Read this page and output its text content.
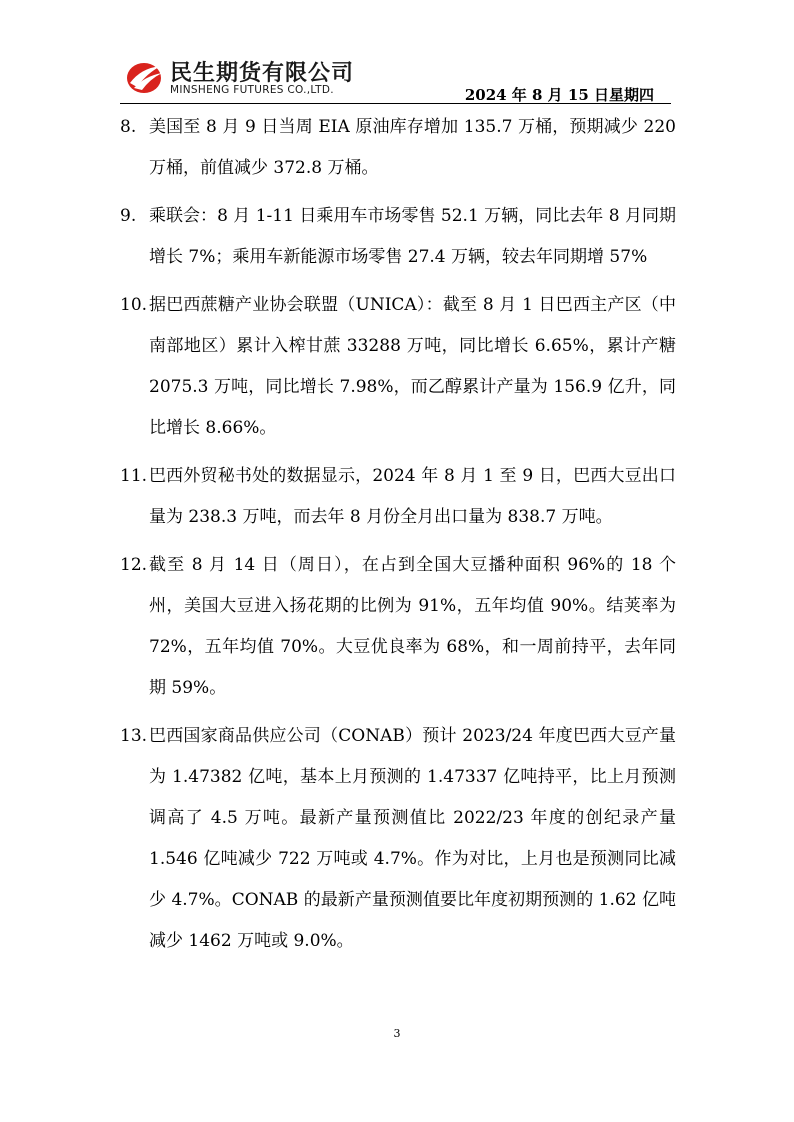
民生期货有限公司
MINSHENG FUTURES CO.,LTD.	2024 年 8 月 15 日星期四
8. 美国至 8 月 9 日当周 EIA 原油库存增加 135.7 万桶，预期减少 220 万桶，前值减少 372.8 万桶。
9. 乘联会：8 月 1-11 日乘用车市场零售 52.1 万辆，同比去年 8 月同期增长 7%；乘用车新能源市场零售 27.4 万辆，较去年同期增 57%
10. 据巴西蔗糖产业协会联盟（UNICA）：截至 8 月 1 日巴西主产区（中南部地区）累计入榨甘蔗 33288 万吨，同比增长 6.65%，累计产糖 2075.3 万吨，同比增长 7.98%，而乙醇累计产量为 156.9 亿升，同比增长 8.66%。
11. 巴西外贸秘书处的数据显示，2024 年 8 月 1 至 9 日，巴西大豆出口量为 238.3 万吨，而去年 8 月份全月出口量为 838.7 万吨。
12. 截至 8 月 14 日（周日），在占到全国大豆播种面积 96%的 18 个州，美国大豆进入扬花期的比例为 91%，五年均值 90%。结荚率为 72%，五年均值 70%。大豆优良率为 68%，和一周前持平，去年同期 59%。
13. 巴西国家商品供应公司（CONAB）预计 2023/24 年度巴西大豆产量为 1.47382 亿吨，基本上月预测的 1.47337 亿吨持平，比上月预测调高了 4.5 万吨。最新产量预测值比 2022/23 年度的创纪录产量 1.546 亿吨减少 722 万吨或 4.7%。作为对比，上月也是预测同比减少 4.7%。CONAB 的最新产量预测值要比年度初期预测的 1.62 亿吨减少 1462 万吨或 9.0%。
3
